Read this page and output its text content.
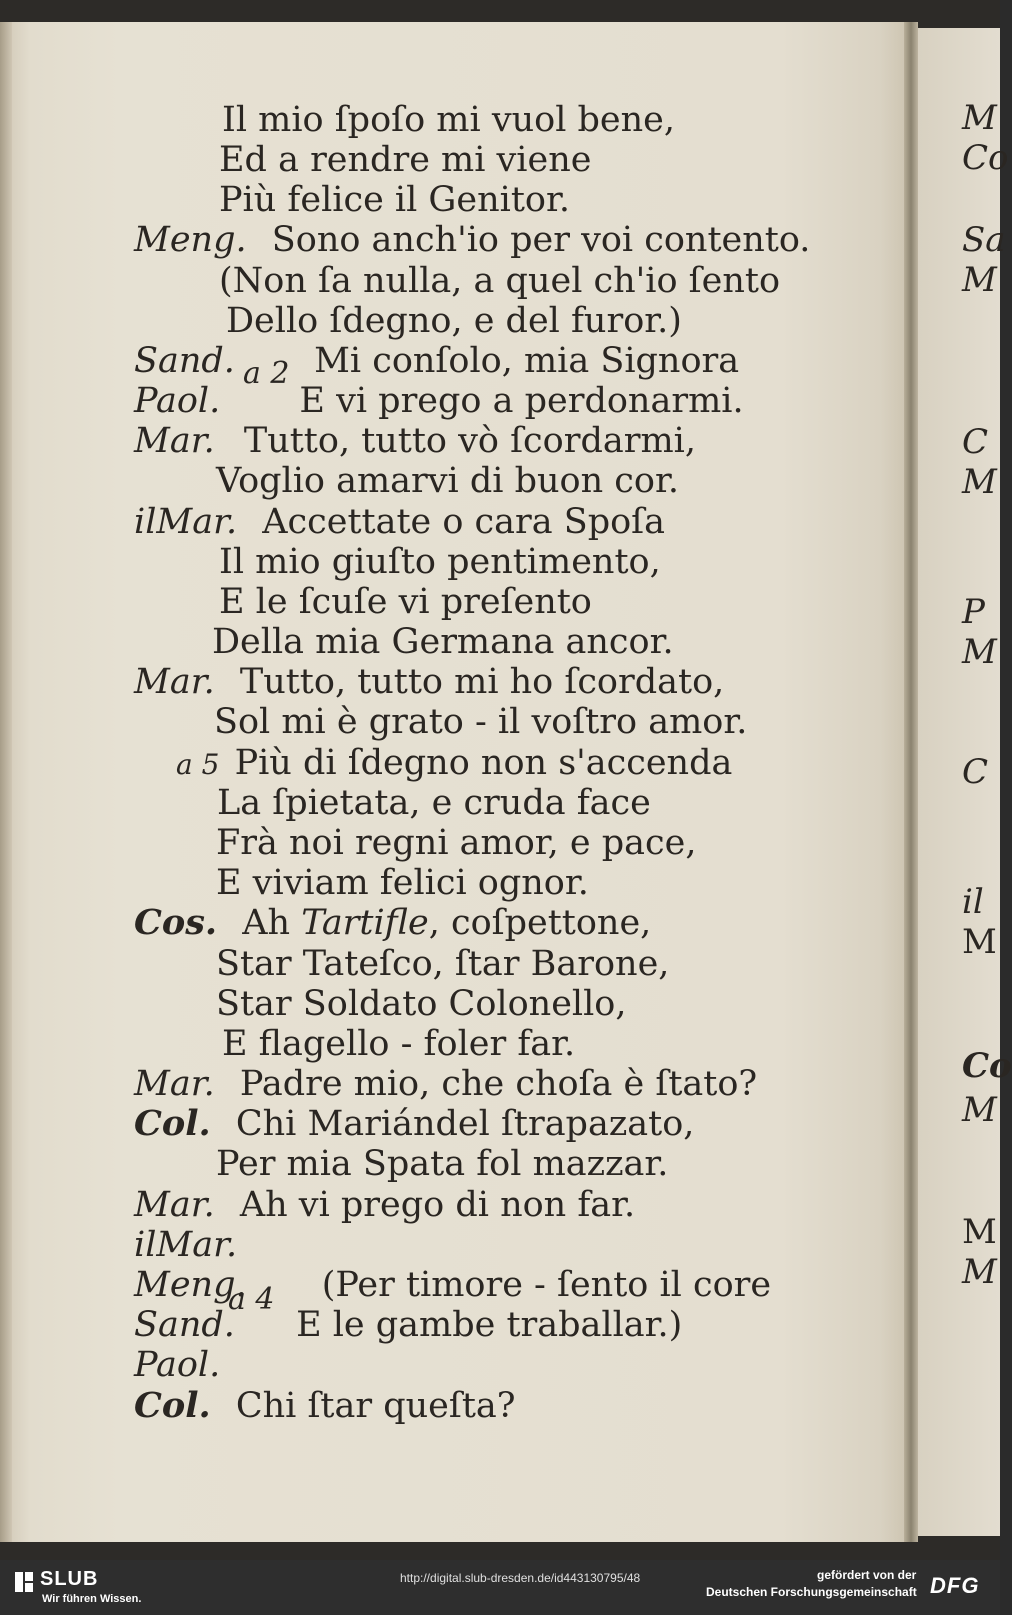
Il mio ſpoſo mi vuol bene,
Ed a rendre mi viene
Più felice il Genitor.
Meng. Sono anch'io per voi contento.
(Non ſa nulla, a quel ch'io ſento
Dello ſdegno, e del furor.)
Sand. Mi conſolo, mia Signora
Paol. E vi prego a perdonarmi.
a 2
Mar. Tutto, tutto vò ſcordarmi,
Voglio amarvi di buon cor.
ilMar. Accettate o cara Spoſa
Il mio giuſto pentimento,
E le ſcuſe vi preſento
Della mia Germana ancor.
Mar. Tutto, tutto mi ho ſcordato,
Sol mi è grato - il voſtro amor.
a 5 Più di ſdegno non s'accenda
La ſpietata, e cruda face
Frà noi regni amor, e pace,
E viviam felici ognor.
Cos. Ah Tartifle, coſpettone,
Star Tateſco, ſtar Barone,
Star Soldato Colonello,
E flagello - foler far.
Mar. Padre mio, che choſa è ſtato?
Col. Chi Mariándel ſtrapazato,
Per mia Spata fol mazzar.
Mar. Ah vi prego di non far.
ilMar.
Meng. (Per timore - ſento il core
Sand. E le gambe traballar.)
a 4
Paol.
Col. Chi ſtar queſta?
M
Co
Sa
M
C
M
P
M
C
il
M
Co
M
M
M
SLUB
Wir führen Wissen.
http://digital.slub-dresden.de/id443130795/48	gefördert von der
Deutschen Forschungsgemeinschaft DFG
